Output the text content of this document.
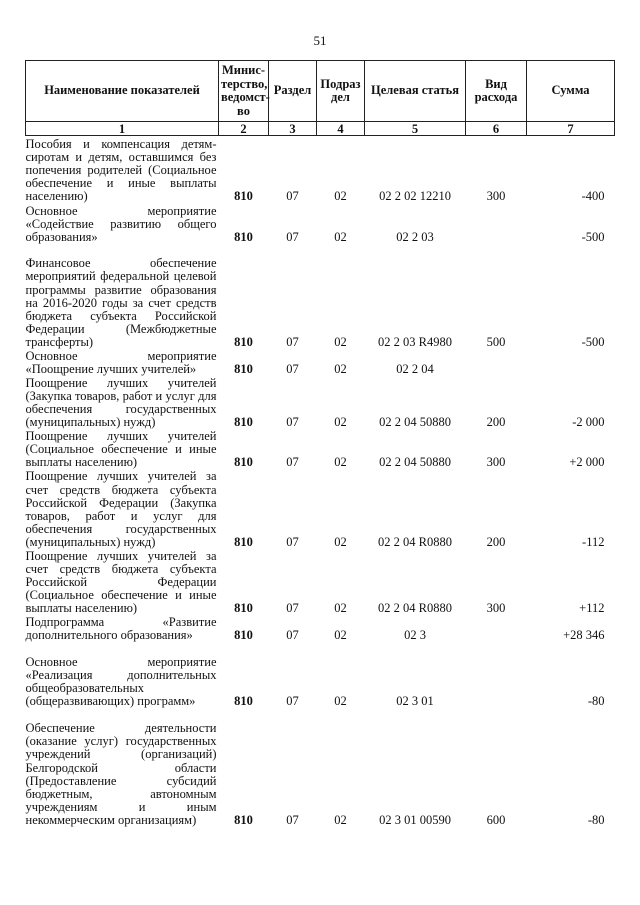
51
Наименование показателей	Минис-терство, ведомст-во	Раздел	Подраз дел	Целевая статья	Вид расхода	Сумма
1	2	3	4	5	6	7
Пособия и компенсация детям-сиротам и детям, оставшимся без попечения родителей (Социальное обеспечение и иные выплаты населению)	810	07	02	02 2 02 12210	300	-400
Основное мероприятие «Содействие развитию общего образования»	810	07	02	02 2 03		-500
Финансовое обеспечение мероприятий федеральной целевой программы развитие образования на 2016-2020 годы за счет средств бюджета субъекта Российской Федерации (Межбюджетные трансферты)	810	07	02	02 2 03 R4980	500	-500
Основное мероприятие «Поощрение лучших учителей»	810	07	02	02 2 04		
Поощрение лучших учителей (Закупка товаров, работ и услуг для обеспечения государственных (муниципальных) нужд)	810	07	02	02 2 04 50880	200	-2 000
Поощрение лучших учителей (Социальное обеспечение и иные выплаты населению)	810	07	02	02 2 04 50880	300	+2 000
Поощрение лучших учителей за счет средств бюджета субъекта Российской Федерации (Закупка товаров, работ и услуг для обеспечения государственных (муниципальных) нужд)	810	07	02	02 2 04 R0880	200	-112
Поощрение лучших учителей за счет средств бюджета субъекта Российской Федерации (Социальное обеспечение и иные выплаты населению)	810	07	02	02 2 04 R0880	300	+112
Подпрограмма «Развитие дополнительного образования»	810	07	02	02 3		+28 346
Основное мероприятие «Реализация дополнительных общеобразовательных (общеразвивающих) программ»	810	07	02	02 3 01		-80
Обеспечение деятельности (оказание услуг) государственных учреждений (организаций) Белгородской области (Предоставление субсидий бюджетным, автономным учреждениям и иным некоммерческим организациям)	810	07	02	02 3 01 00590	600	-80
